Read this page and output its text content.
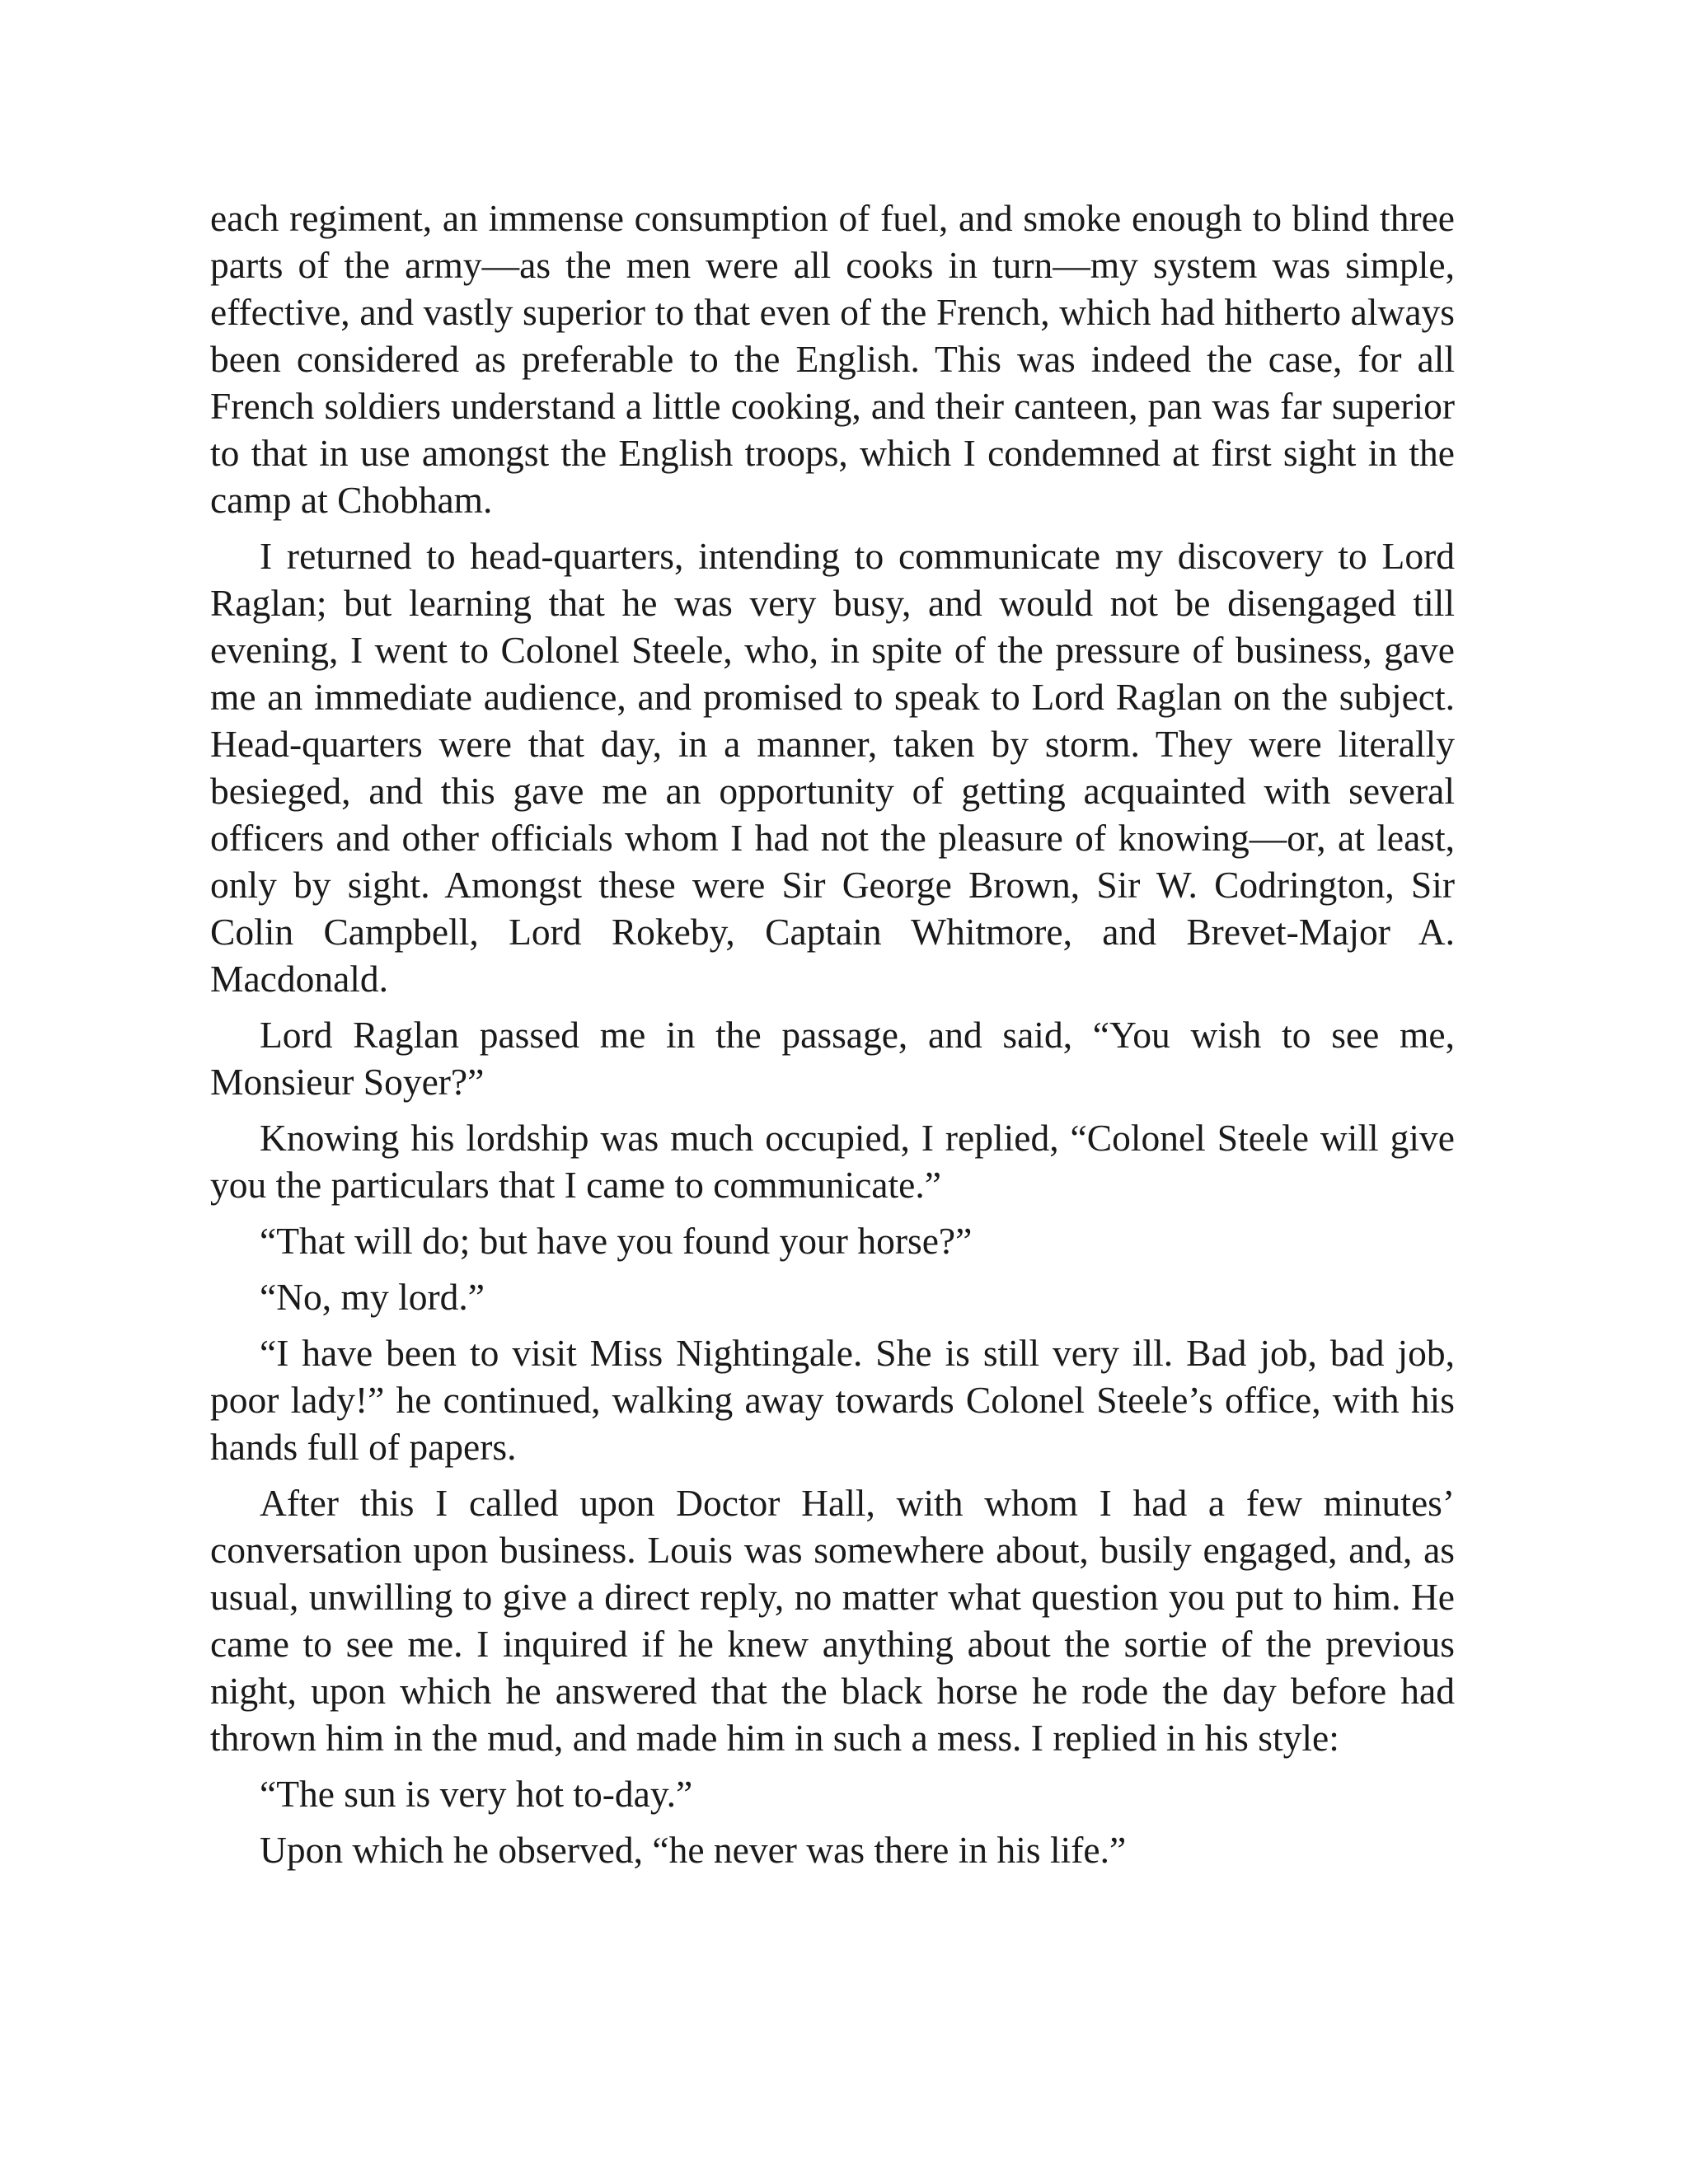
each regiment, an immense consumption of fuel, and smoke enough to blind three parts of the army—as the men were all cooks in turn—my system was simple, effective, and vastly superior to that even of the French, which had hitherto always been considered as preferable to the English. This was indeed the case, for all French soldiers understand a little cooking, and their canteen, pan was far superior to that in use amongst the English troops, which I condemned at first sight in the camp at Chobham.

I returned to head-quarters, intending to communicate my discovery to Lord Raglan; but learning that he was very busy, and would not be disengaged till evening, I went to Colonel Steele, who, in spite of the pressure of business, gave me an immediate audience, and promised to speak to Lord Raglan on the subject. Head-quarters were that day, in a manner, taken by storm. They were literally besieged, and this gave me an opportunity of getting acquainted with several officers and other officials whom I had not the pleasure of knowing—or, at least, only by sight. Amongst these were Sir George Brown, Sir W. Codrington, Sir Colin Campbell, Lord Rokeby, Captain Whitmore, and Brevet-Major A. Macdonald.

Lord Raglan passed me in the passage, and said, “You wish to see me, Monsieur Soyer?”

Knowing his lordship was much occupied, I replied, “Colonel Steele will give you the particulars that I came to communicate.”

“That will do; but have you found your horse?”

“No, my lord.”

“I have been to visit Miss Nightingale. She is still very ill. Bad job, bad job, poor lady!” he continued, walking away towards Colonel Steele’s office, with his hands full of papers.

After this I called upon Doctor Hall, with whom I had a few minutes’ conversation upon business. Louis was somewhere about, busily engaged, and, as usual, unwilling to give a direct reply, no matter what question you put to him. He came to see me. I inquired if he knew anything about the sortie of the previous night, upon which he answered that the black horse he rode the day before had thrown him in the mud, and made him in such a mess. I replied in his style:

“The sun is very hot to-day.”

Upon which he observed, “he never was there in his life.”
